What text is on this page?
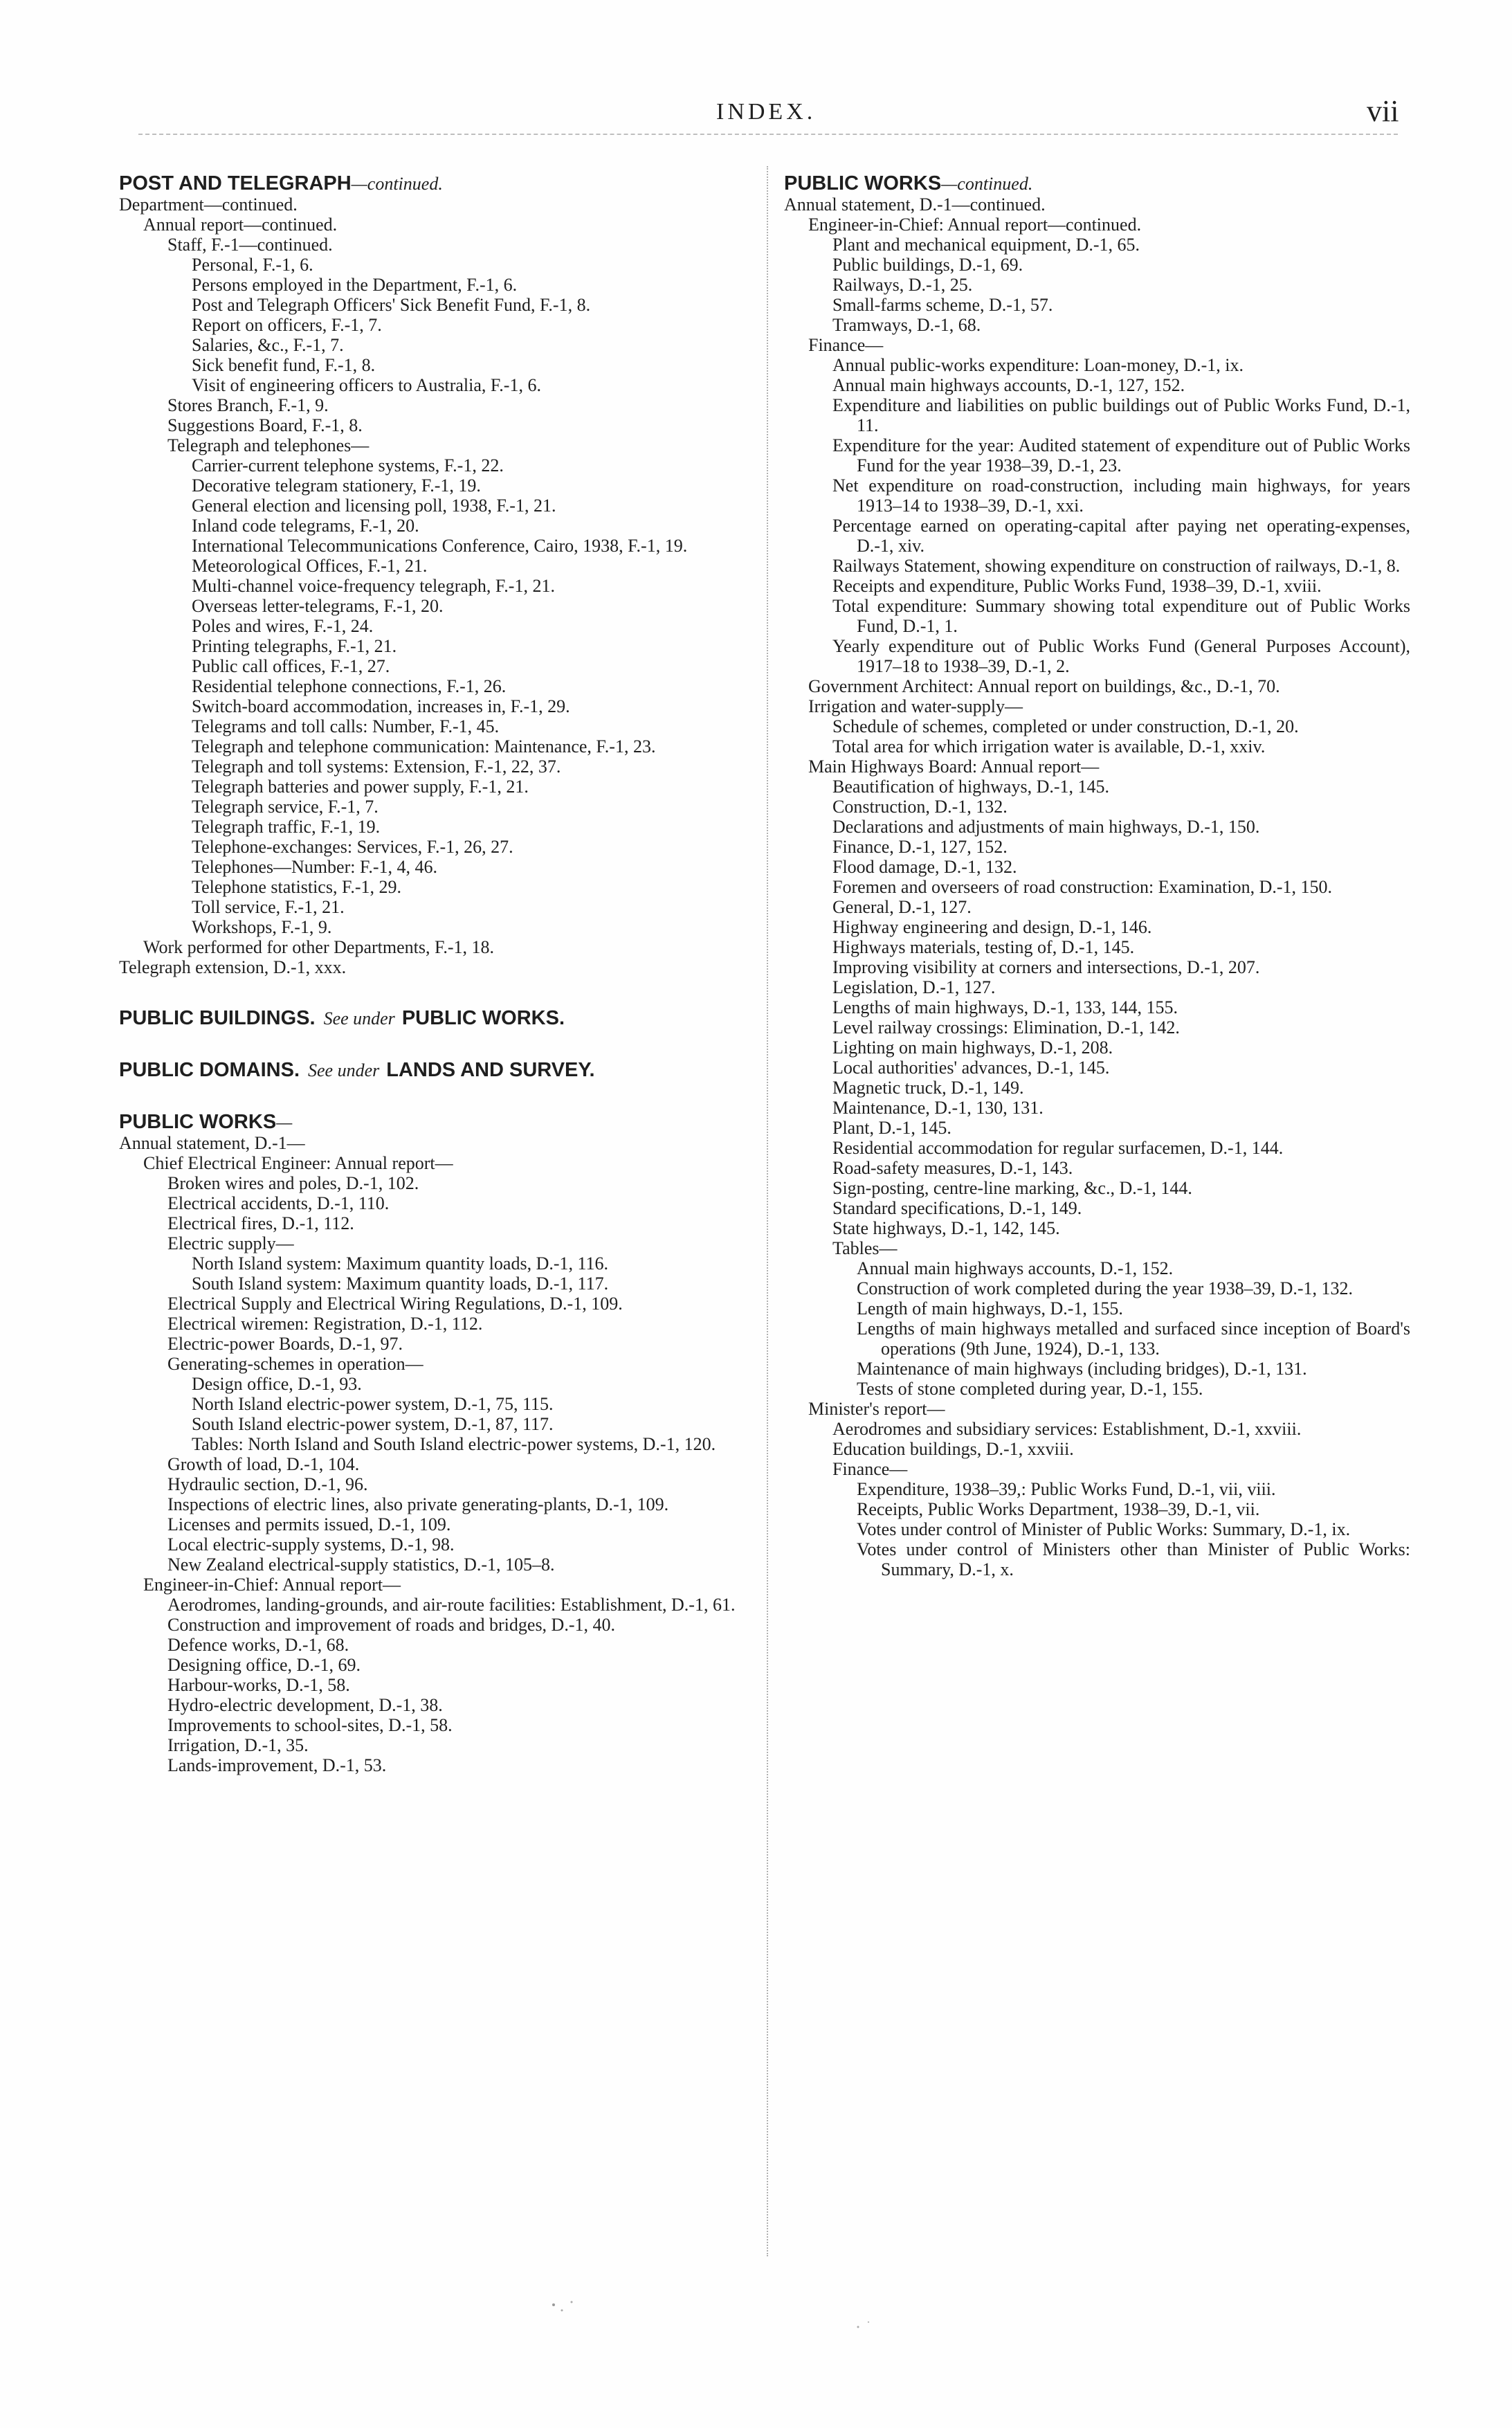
INDEX.	vii
POST AND TELEGRAPH—continued.
Department—continued.
Annual report—continued.
Staff, F.-1—continued.
Personal, F.-1, 6.
Persons employed in the Department, F.-1, 6.
Post and Telegraph Officers' Sick Benefit Fund, F.-1, 8.
Report on officers, F.-1, 7.
Salaries, &c., F.-1, 7.
Sick benefit fund, F.-1, 8.
Visit of engineering officers to Australia, F.-1, 6.
Stores Branch, F.-1, 9.
Suggestions Board, F.-1, 8.
Telegraph and telephones—
Carrier-current telephone systems, F.-1, 22.
Decorative telegram stationery, F.-1, 19.
General election and licensing poll, 1938, F.-1, 21.
Inland code telegrams, F.-1, 20.
International Telecommunications Conference, Cairo, 1938, F.-1, 19.
Meteorological Offices, F.-1, 21.
Multi-channel voice-frequency telegraph, F.-1, 21.
Overseas letter-telegrams, F.-1, 20.
Poles and wires, F.-1, 24.
Printing telegraphs, F.-1, 21.
Public call offices, F.-1, 27.
Residential telephone connections, F.-1, 26.
Switch-board accommodation, increases in, F.-1, 29.
Telegrams and toll calls: Number, F.-1, 45.
Telegraph and telephone communication: Maintenance, F.-1, 23.
Telegraph and toll systems: Extension, F.-1, 22, 37.
Telegraph batteries and power supply, F.-1, 21.
Telegraph service, F.-1, 7.
Telegraph traffic, F.-1, 19.
Telephone-exchanges: Services, F.-1, 26, 27.
Telephones—Number: F.-1, 4, 46.
Telephone statistics, F.-1, 29.
Toll service, F.-1, 21.
Workshops, F.-1, 9.
Work performed for other Departments, F.-1, 18.
Telegraph extension, D.-1, xxx.
PUBLIC BUILDINGS. See under PUBLIC WORKS.
PUBLIC DOMAINS. See under LANDS AND SURVEY.
PUBLIC WORKS—
Annual statement, D.-1—
Chief Electrical Engineer: Annual report—
Broken wires and poles, D.-1, 102.
Electrical accidents, D.-1, 110.
Electrical fires, D.-1, 112.
Electric supply—
North Island system: Maximum quantity loads, D.-1, 116.
South Island system: Maximum quantity loads, D.-1, 117.
Electrical Supply and Electrical Wiring Regulations, D.-1, 109.
Electrical wiremen: Registration, D.-1, 112.
Electric-power Boards, D.-1, 97.
Generating-schemes in operation—
Design office, D.-1, 93.
North Island electric-power system, D.-1, 75, 115.
South Island electric-power system, D.-1, 87, 117.
Tables: North Island and South Island electric-power systems, D.-1, 120.
Growth of load, D.-1, 104.
Hydraulic section, D.-1, 96.
Inspections of electric lines, also private generating-plants, D.-1, 109.
Licenses and permits issued, D.-1, 109.
Local electric-supply systems, D.-1, 98.
New Zealand electrical-supply statistics, D.-1, 105–8.
Engineer-in-Chief: Annual report—
Aerodromes, landing-grounds, and air-route facilities: Establishment, D.-1, 61.
Construction and improvement of roads and bridges, D.-1, 40.
Defence works, D.-1, 68.
Designing office, D.-1, 69.
Harbour-works, D.-1, 58.
Hydro-electric development, D.-1, 38.
Improvements to school-sites, D.-1, 58.
Irrigation, D.-1, 35.
Lands-improvement, D.-1, 53.
PUBLIC WORKS—continued.
Annual statement, D.-1—continued.
Engineer-in-Chief: Annual report—continued.
Plant and mechanical equipment, D.-1, 65.
Public buildings, D.-1, 69.
Railways, D.-1, 25.
Small-farms scheme, D.-1, 57.
Tramways, D.-1, 68.
Finance—
Annual public-works expenditure: Loan-money, D.-1, ix.
Annual main highways accounts, D.-1, 127, 152.
Expenditure and liabilities on public buildings out of Public Works Fund, D.-1, 11.
Expenditure for the year: Audited statement of expenditure out of Public Works Fund for the year 1938–39, D.-1, 23.
Net expenditure on road-construction, including main highways, for years 1913–14 to 1938–39, D.-1, xxi.
Percentage earned on operating-capital after paying net operating-expenses, D.-1, xiv.
Railways Statement, showing expenditure on construction of railways, D.-1, 8.
Receipts and expenditure, Public Works Fund, 1938–39, D.-1, xviii.
Total expenditure: Summary showing total expenditure out of Public Works Fund, D.-1, 1.
Yearly expenditure out of Public Works Fund (General Purposes Account), 1917–18 to 1938–39, D.-1, 2.
Government Architect: Annual report on buildings, &c., D.-1, 70.
Irrigation and water-supply—
Schedule of schemes, completed or under construction, D.-1, 20.
Total area for which irrigation water is available, D.-1, xxiv.
Main Highways Board: Annual report—
Beautification of highways, D.-1, 145.
Construction, D.-1, 132.
Declarations and adjustments of main highways, D.-1, 150.
Finance, D.-1, 127, 152.
Flood damage, D.-1, 132.
Foremen and overseers of road construction: Examination, D.-1, 150.
General, D.-1, 127.
Highway engineering and design, D.-1, 146.
Highways materials, testing of, D.-1, 145.
Improving visibility at corners and intersections, D.-1, 207.
Legislation, D.-1, 127.
Lengths of main highways, D.-1, 133, 144, 155.
Level railway crossings: Elimination, D.-1, 142.
Lighting on main highways, D.-1, 208.
Local authorities' advances, D.-1, 145.
Magnetic truck, D.-1, 149.
Maintenance, D.-1, 130, 131.
Plant, D.-1, 145.
Residential accommodation for regular surfacemen, D.-1, 144.
Road-safety measures, D.-1, 143.
Sign-posting, centre-line marking, &c., D.-1, 144.
Standard specifications, D.-1, 149.
State highways, D.-1, 142, 145.
Tables—
Annual main highways accounts, D.-1, 152.
Construction of work completed during the year 1938–39, D.-1, 132.
Length of main highways, D.-1, 155.
Lengths of main highways metalled and surfaced since inception of Board's operations (9th June, 1924), D.-1, 133.
Maintenance of main highways (including bridges), D.-1, 131.
Tests of stone completed during year, D.-1, 155.
Minister's report—
Aerodromes and subsidiary services: Establishment, D.-1, xxviii.
Education buildings, D.-1, xxviii.
Finance—
Expenditure, 1938–39,: Public Works Fund, D.-1, vii, viii.
Receipts, Public Works Department, 1938–39, D.-1, vii.
Votes under control of Minister of Public Works: Summary, D.-1, ix.
Votes under control of Ministers other than Minister of Public Works: Summary, D.-1, x.
